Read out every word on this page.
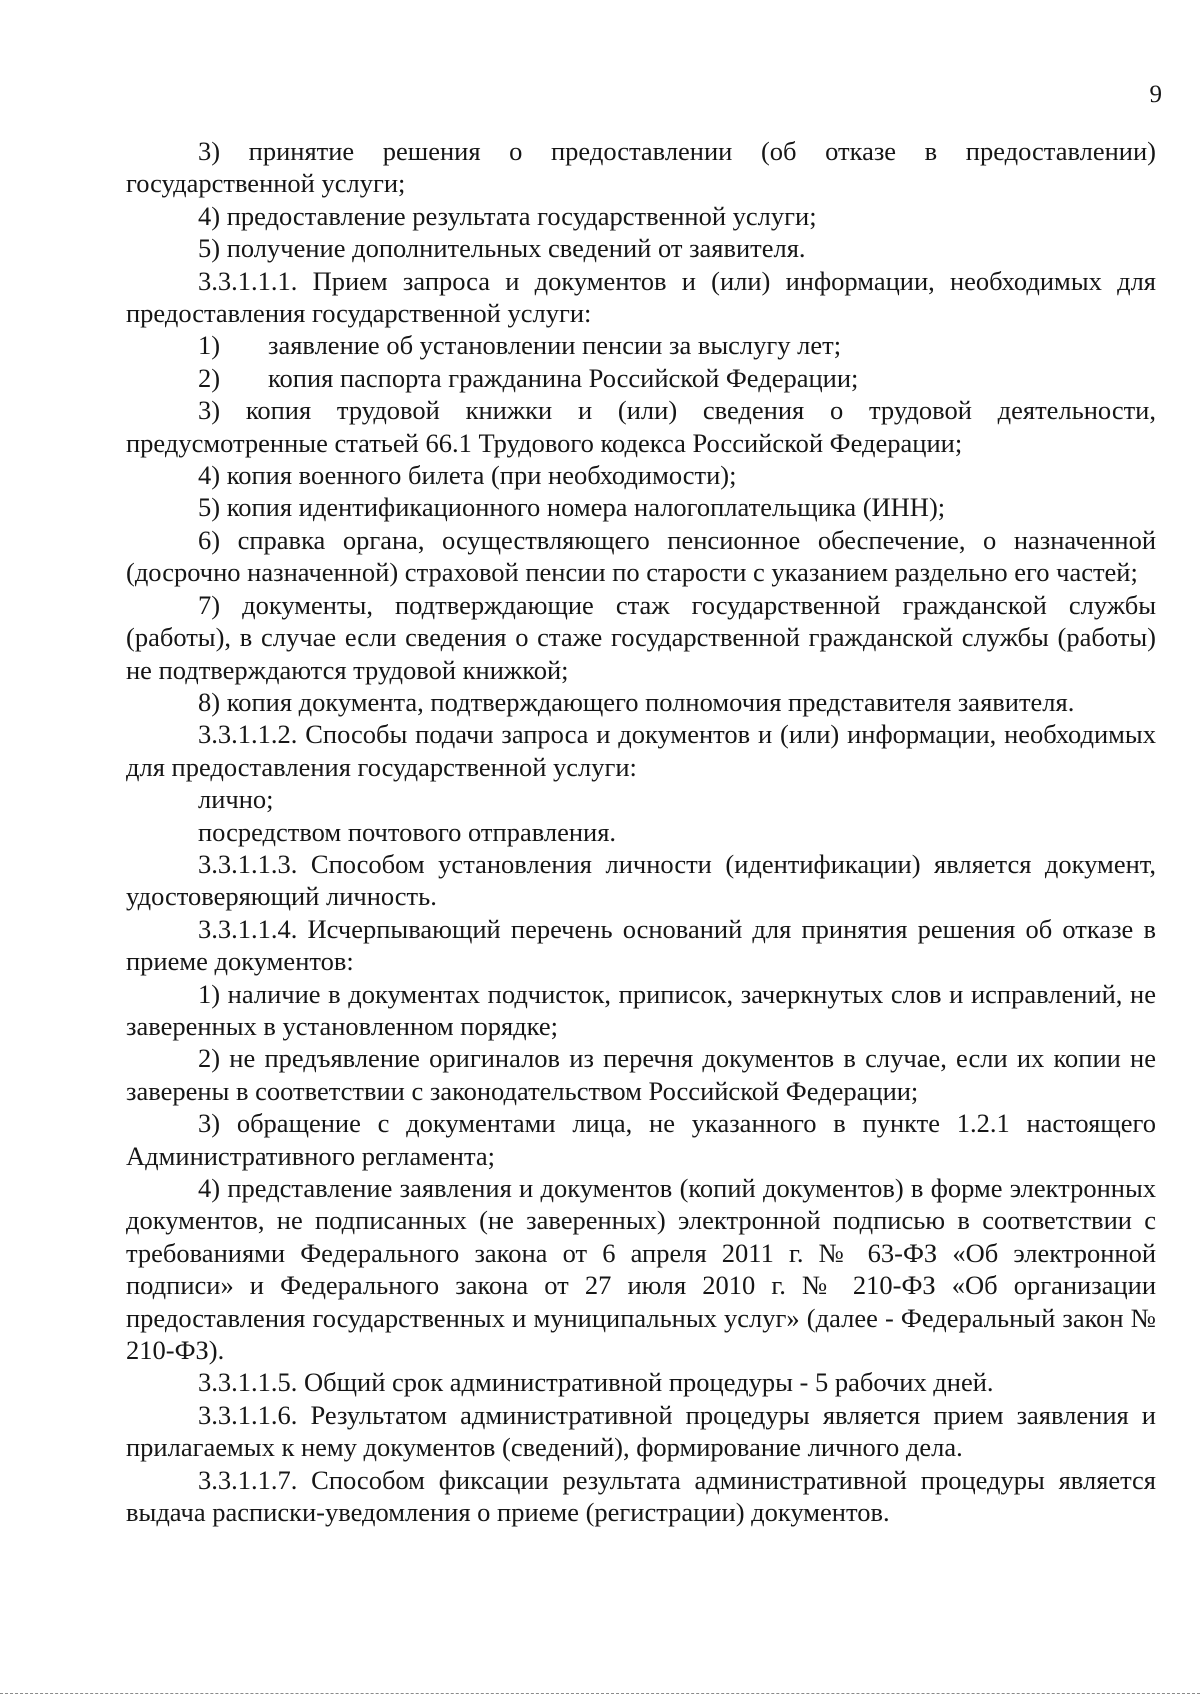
9

3) принятие решения о предоставлении (об отказе в предоставлении) государственной услуги;

4) предоставление результата государственной услуги;

5) получение дополнительных сведений от заявителя.

3.3.1.1.1. Прием запроса и документов и (или) информации, необходимых для предоставления государственной услуги:

1) заявление об установлении пенсии за выслугу лет;

2) копия паспорта гражданина Российской Федерации;

3) копия трудовой книжки и (или) сведения о трудовой деятельности, предусмотренные статьей 66.1 Трудового кодекса Российской Федерации;

4) копия военного билета (при необходимости);

5) копия идентификационного номера налогоплательщика (ИНН);

6) справка органа, осуществляющего пенсионное обеспечение, о назначенной (досрочно назначенной) страховой пенсии по старости с указанием раздельно его частей;

7) документы, подтверждающие стаж государственной гражданской службы (работы), в случае если сведения о стаже государственной гражданской службы (работы) не подтверждаются трудовой книжкой;

8) копия документа, подтверждающего полномочия представителя заявителя.

3.3.1.1.2. Способы подачи запроса и документов и (или) информации, необходимых для предоставления государственной услуги:

лично;

посредством почтового отправления.

3.3.1.1.3. Способом установления личности (идентификации) является документ, удостоверяющий личность.

3.3.1.1.4. Исчерпывающий перечень оснований для принятия решения об отказе в приеме документов:

1) наличие в документах подчисток, приписок, зачеркнутых слов и исправлений, не заверенных в установленном порядке;

2) не предъявление оригиналов из перечня документов в случае, если их копии не заверены в соответствии с законодательством Российской Федерации;

3) обращение с документами лица, не указанного в пункте 1.2.1 настоящего Административного регламента;

4) представление заявления и документов (копий документов) в форме электронных документов, не подписанных (не заверенных) электронной подписью в соответствии с требованиями Федерального закона от 6 апреля 2011 г. № 63-ФЗ «Об электронной подписи» и Федерального закона от 27 июля 2010 г. № 210-ФЗ «Об организации предоставления государственных и муниципальных услуг» (далее - Федеральный закон № 210-ФЗ).

3.3.1.1.5. Общий срок административной процедуры - 5 рабочих дней.

3.3.1.1.6. Результатом административной процедуры является прием заявления и прилагаемых к нему документов (сведений), формирование личного дела.

3.3.1.1.7. Способом фиксации результата административной процедуры является выдача расписки-уведомления о приеме (регистрации) документов.
